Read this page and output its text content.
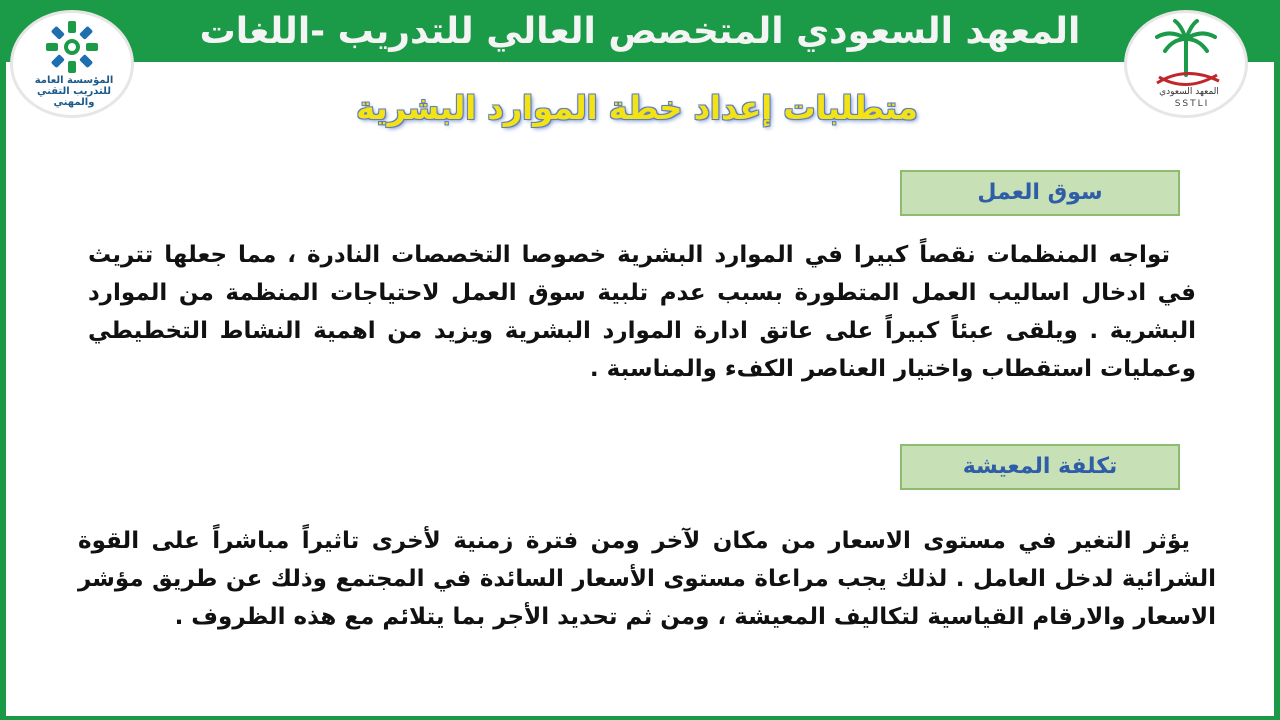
المعهد السعودي المتخصص العالي للتدريب -اللغات
المؤسسة العامة للتدريب التقني والمهني
المعهد السعودي
SSTLI
متطلبات إعداد خطة الموارد البشرية
سوق العمل
تواجه المنظمات نقصاً كبيرا في الموارد البشرية خصوصا التخصصات النادرة ، مما جعلها تتريث في ادخال اساليب العمل المتطورة بسبب عدم تلبية سوق العمل لاحتياجات المنظمة من الموارد البشرية . ويلقى عبئاً كبيراً على عاتق ادارة الموارد البشرية ويزيد من اهمية النشاط التخطيطي وعمليات استقطاب واختيار العناصر الكفء والمناسبة .
تكلفة المعيشة
يؤثر التغير في مستوى الاسعار من مكان لآخر ومن فترة زمنية لأخرى تاثيراً مباشراً على القوة الشرائية لدخل العامل . لذلك يجب مراعاة مستوى الأسعار السائدة في المجتمع وذلك عن طريق مؤشر الاسعار والارقام القياسية لتكاليف المعيشة ، ومن ثم تحديد الأجر بما يتلائم مع هذه الظروف .
